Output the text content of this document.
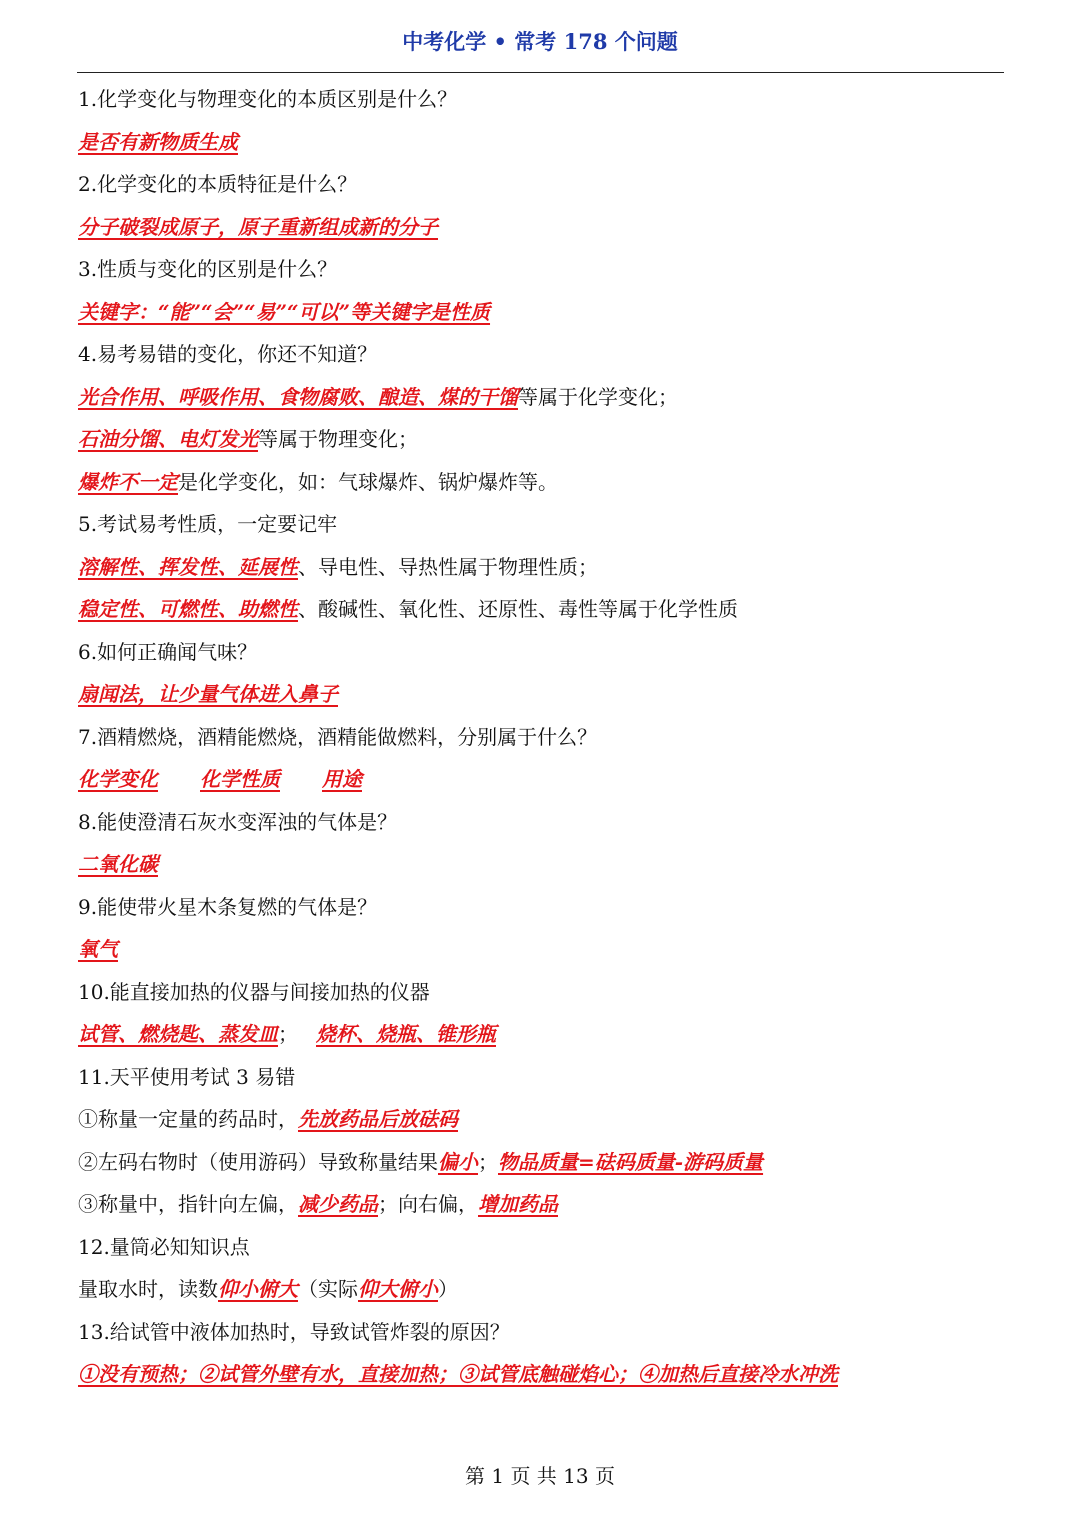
中考化学 • 常考 178 个问题
1.化学变化与物理变化的本质区别是什么？
是否有新物质生成
2.化学变化的本质特征是什么？
分子破裂成原子，原子重新组成新的分子
3.性质与变化的区别是什么？
关键字：“能”“会”“易”“可以”等关键字是性质
4.易考易错的变化，你还不知道？
光合作用、呼吸作用、食物腐败、酿造、煤的干馏等属于化学变化；
石油分馏、电灯发光等属于物理变化；
爆炸不一定是化学变化，如：气球爆炸、锅炉爆炸等。
5.考试易考性质，一定要记牢
溶解性、挥发性、延展性、导电性、导热性属于物理性质；
稳定性、可燃性、助燃性、酸碱性、氧化性、还原性、毒性等属于化学性质
6.如何正确闻气味？
扇闻法，让少量气体进入鼻子
7.酒精燃烧，酒精能燃烧，酒精能做燃料，分别属于什么？
化学变化 化学性质 用途
8.能使澄清石灰水变浑浊的气体是？
二氧化碳
9.能使带火星木条复燃的气体是？
氧气
10.能直接加热的仪器与间接加热的仪器
试管、燃烧匙、蒸发皿； 烧杯、烧瓶、锥形瓶
11.天平使用考试 3 易错
①称量一定量的药品时，先放药品后放砝码
②左码右物时（使用游码）导致称量结果偏小；物品质量=砝码质量-游码质量
③称量中，指针向左偏，减少药品；向右偏，增加药品
12.量筒必知知识点
量取水时，读数仰小俯大（实际仰大俯小）
13.给试管中液体加热时，导致试管炸裂的原因？
①没有预热；②试管外壁有水，直接加热；③试管底触碰焰心；④加热后直接冷水冲洗
第 1 页 共 13 页
